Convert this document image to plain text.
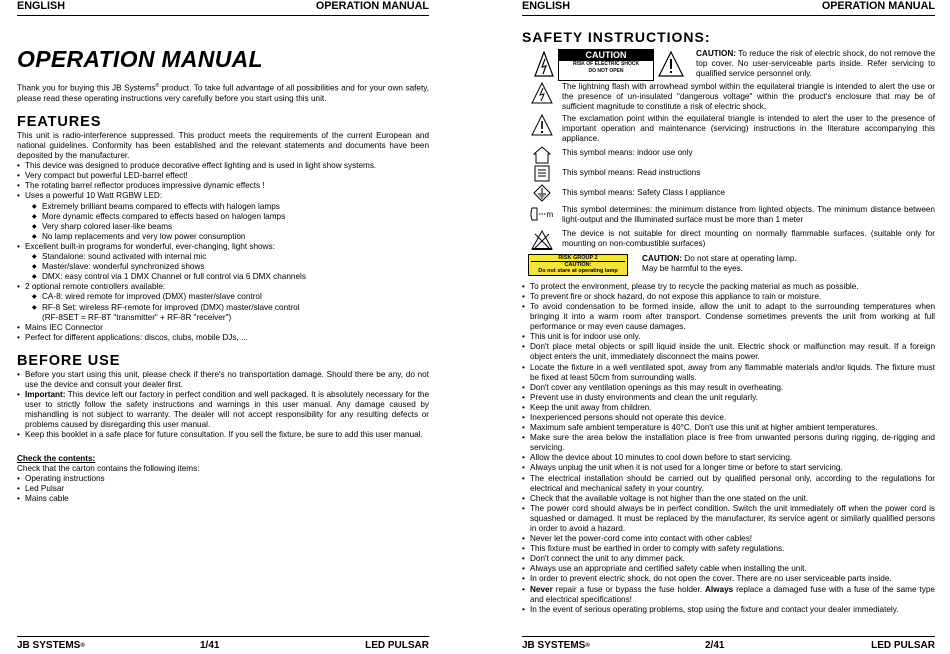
ENGLISH	OPERATION MANUAL
OPERATION MANUAL

Thank you for buying this JB Systems® product. To take full advantage of all possibilities and for your own safety, please read these operating instructions very carefully before you start using this unit.

FEATURES

This unit is radio-interference suppressed. This product meets the requirements of the current European and national guidelines. Conformity has been established and the relevant statements and documents have been deposited by the manufacturer.

• This device was designed to produce decorative effect lighting and is used in light show systems.
• Very compact but powerful LED-barrel effect!
• The rotating barrel reflector produces impressive dynamic effects !
• Uses a powerful 10 Watt RGBW LED:
◆ Extremely brilliant beams compared to effects with halogen lamps
◆ More dynamic effects compared to effects based on halogen lamps
◆ Very sharp colored laser-like beams
◆ No lamp replacements and very low power consumption
• Excellent built-in programs for wonderful, ever-changing, light shows:
◆ Standalone: sound activated with internal mic
◆ Master/slave: wonderful synchronized shows
◆ DMX: easy control via 1 DMX Channel or full control via 6 DMX channels
• 2 optional remote controllers available:
◆ CA-8: wired remote for improved (DMX) master/slave control
◆ RF-8 Set: wireless RF-remote for improved (DMX) master/slave control
(RF-8SET = RF-8T "transmitter" + RF-8R "receiver")
• Mains IEC Connector
• Perfect for different applications: discos, clubs, mobile DJs, ...
BEFORE USE
• Before you start using this unit, please check if there's no transportation damage. Should there be any, do not use the device and consult your dealer first.
• Important: This device left our factory in perfect condition and well packaged. It is absolutely necessary for the user to strictly follow the safety instructions and warnings in this user manual. Any damage caused by mishandling is not subject to warranty. The dealer will not accept responsibility for any resulting defects or problems caused by disregarding this user manual.
• Keep this booklet in a safe place for future consultation. If you sell the fixture, be sure to add this user manual.

Check the contents:

Check that the carton contains the following items:

• Operating instructions
• Led Pulsar
• Mains cable
JB SYSTEMS®	1/41	LED PULSAR
ENGLISH	OPERATION MANUAL
SAFETY INSTRUCTIONS:
CAUTION
RISK OF ELECTRIC SHOCK
DO NOT OPEN

CAUTION: To reduce the risk of electric shock, do not remove the top cover. No user-serviceable parts inside. Refer servicing to qualified service personnel only.

The lightning flash with arrowhead symbol within the equilateral triangle is intended to alert the use or the presence of un-insulated "dangerous voltage" within the product's enclosure that may be of sufficient magnitude to constitute a risk of electric shock.
The exclamation point within the equilateral triangle is intended to alert the user to the presence of important operation and maintenance (servicing) instructions in the literature accompanying this appliance.
This symbol means: indoor use only
This symbol means: Read instructions
This symbol means: Safety Class I appliance
m
This symbol determines: the minimum distance from lighted objects. The minimum distance between light-output and the illuminated surface must be more than 1 meter
The device is not suitable for direct mounting on normally flammable surfaces. (suitable only for mounting on non-combustible surfaces)
RISK GROUP 2
CAUTION:
Do not stare at operating lamp
CAUTION: Do not stare at operating lamp.
May be harmful to the eyes.
• To protect the environment, please try to recycle the packing material as much as possible.
• To prevent fire or shock hazard, do not expose this appliance to rain or moisture.
• To avoid condensation to be formed inside, allow the unit to adapt to the surrounding temperatures when bringing it into a warm room after transport. Condense sometimes prevents the unit from working at full performance or may even cause damages.
• This unit is for indoor use only.
• Don't place metal objects or spill liquid inside the unit. Electric shock or malfunction may result. If a foreign object enters the unit, immediately disconnect the mains power.
• Locate the fixture in a well ventilated spot, away from any flammable materials and/or liquids. The fixture must be fixed at least 50cm from surrounding walls.
• Don't cover any ventilation openings as this may result in overheating.
• Prevent use in dusty environments and clean the unit regularly.
• Keep the unit away from children.
• Inexperienced persons should not operate this device.
• Maximum safe ambient temperature is 40°C. Don't use this unit at higher ambient temperatures.
• Make sure the area below the installation place is free from unwanted persons during rigging, de-rigging and servicing.
• Allow the device about 10 minutes to cool down before to start servicing.
• Always unplug the unit when it is not used for a longer time or before to start servicing.
• The electrical installation should be carried out by qualified personal only, according to the regulations for electrical and mechanical safety in your country.
• Check that the available voltage is not higher than the one stated on the unit.
• The power cord should always be in perfect condition. Switch the unit immediately off when the power cord is squashed or damaged. It must be replaced by the manufacturer, its service agent or similarly qualified persons in order to avoid a hazard.
• Never let the power-cord come into contact with other cables!
• This fixture must be earthed in order to comply with safety regulations.
• Don't connect the unit to any dimmer pack.
• Always use an appropriate and certified safety cable when installing the unit.
• In order to prevent electric shock, do not open the cover. There are no user serviceable parts inside.
• Never repair a fuse or bypass the fuse holder. Always replace a damaged fuse with a fuse of the same type and electrical specifications!
• In the event of serious operating problems, stop using the fixture and contact your dealer immediately.
JB SYSTEMS®	2/41	LED PULSAR
